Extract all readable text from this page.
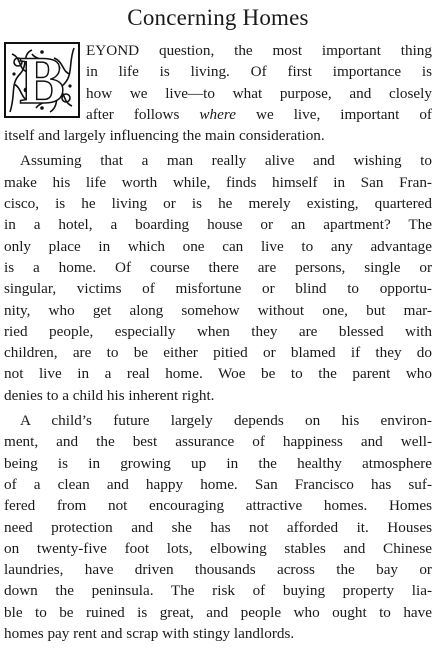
Concerning Homes
B	EYOND question, the most important thing
in life is living. Of first importance is
how we live—to what purpose, and closely
after follows where we live, important of
itself and largely influencing the main consideration.
Assuming that a man really alive and wishing to
make his life worth while, finds himself in San Fran-
cisco, is he living or is he merely existing, quartered
in a hotel, a boarding house or an apartment? The
only place in which one can live to any advantage
is a home. Of course there are persons, single or
singular, victims of misfortune or blind to opportu-
nity, who get along somehow without one, but mar-
ried people, especially when they are blessed with
children, are to be either pitied or blamed if they do
not live in a real home. Woe be to the parent who
denies to a child his inherent right.
A child’s future largely depends on his environ-
ment, and the best assurance of happiness and well-
being is in growing up in the healthy atmosphere
of a clean and happy home. San Francisco has suf-
fered from not encouraging attractive homes. Homes
need protection and she has not afforded it. Houses
on twenty-five foot lots, elbowing stables and Chinese
laundries, have driven thousands across the bay or
down the peninsula. The risk of buying property lia-
ble to be ruined is great, and people who ought to have
homes pay rent and scrap with stingy landlords.
